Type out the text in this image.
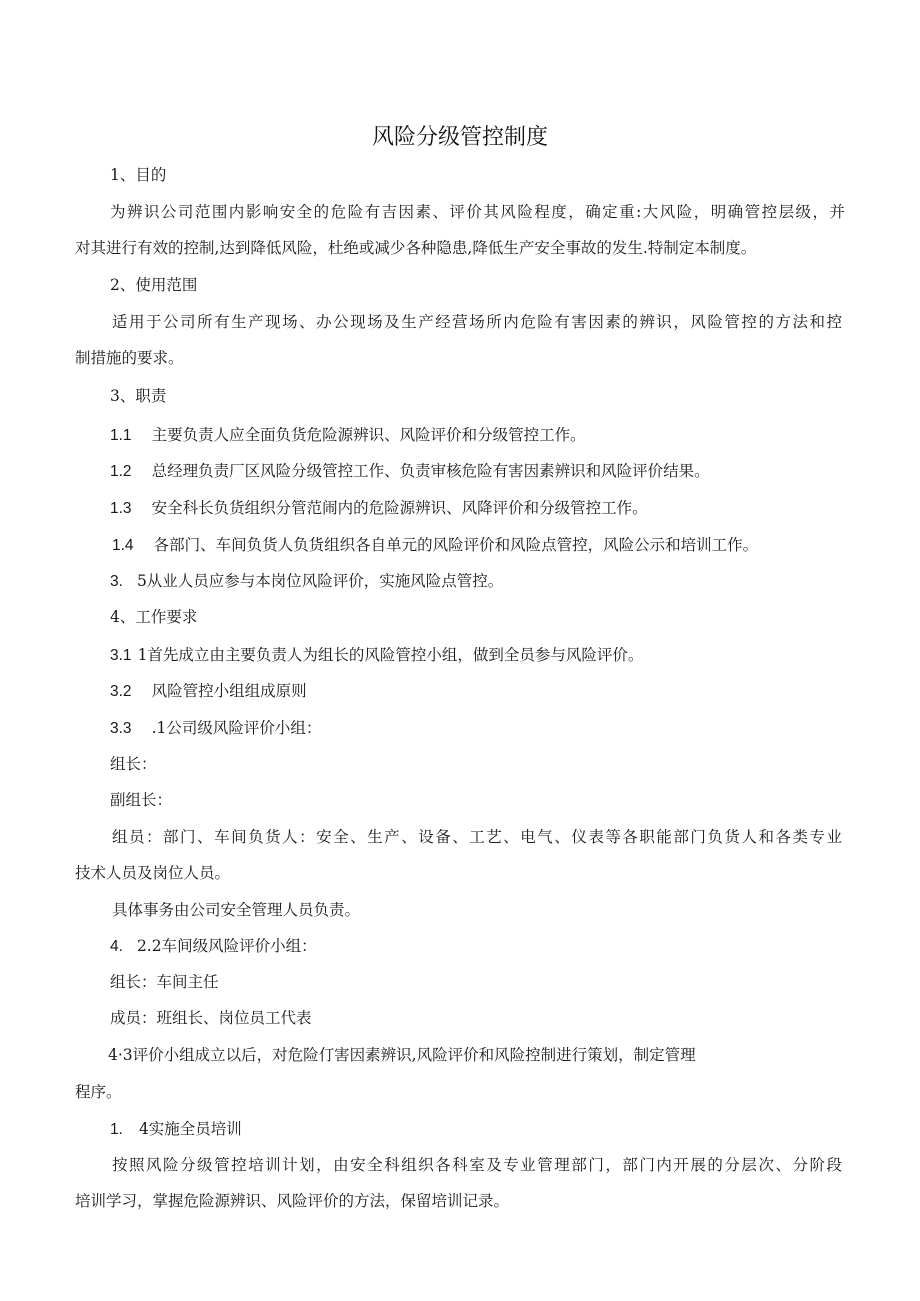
风险分级管控制度
1、目的
为辨识公司范围内影响安全的危险有吉因素、评价其风险程度，确定重:大风险，明确管控层级，并
对其进行有效的控制,达到降低风险，杜绝或减少各种隐患,降低生产安全事故的发生.特制定本制度。
2、使用范围
适用于公司所有生产现场、办公现场及生产经营场所内危险有害因素的辨识，风险管控的方法和控
制措施的要求。
3、职责
1.1 主要负责人应全面负货危险源辨识、风险评价和分级管控工作。
1.2 总经理负责厂区风险分级管控工作、负责审核危险有害因素辨识和风险评价结果。
1.3 安全科长负货组织分管范闹内的危险源辨识、风降评价和分级管控工作。
1.4 各部门、车间负货人负货组织各自单元的风险评价和风险点管控，风险公示和培训工作。
3. 5从业人员应参与本岗位风险评价，实施风险点管控。
4、工作要求
3.1 1首先成立由主要负责人为组长的风险管控小组，做到全员参与风险评价。
3.2 风险管控小组组成原则
3.3 .1公司级风险评价小组：
组长：
副组长：
组员：部门、车间负货人：安全、生产、设备、工艺、电气、仪表等各职能部门负货人和各类专业
技术人员及岗位人员。
具体事务由公司安全管理人员负责。
4. 2.2车间级风险评价小组：
组长：车间主任
成员：班组长、岗位员工代表
4·3评价小组成立以后，对危险仃害因素辨识,风险评价和风险控制进行策划，制定管理
程序。
1. 4实施全员培训
按照风险分级管控培训计划，由安全科组织各科室及专业管理部门，部门内开展的分层次、分阶段
培训学习，掌握危险源辨识、风险评价的方法，保留培训记录。
